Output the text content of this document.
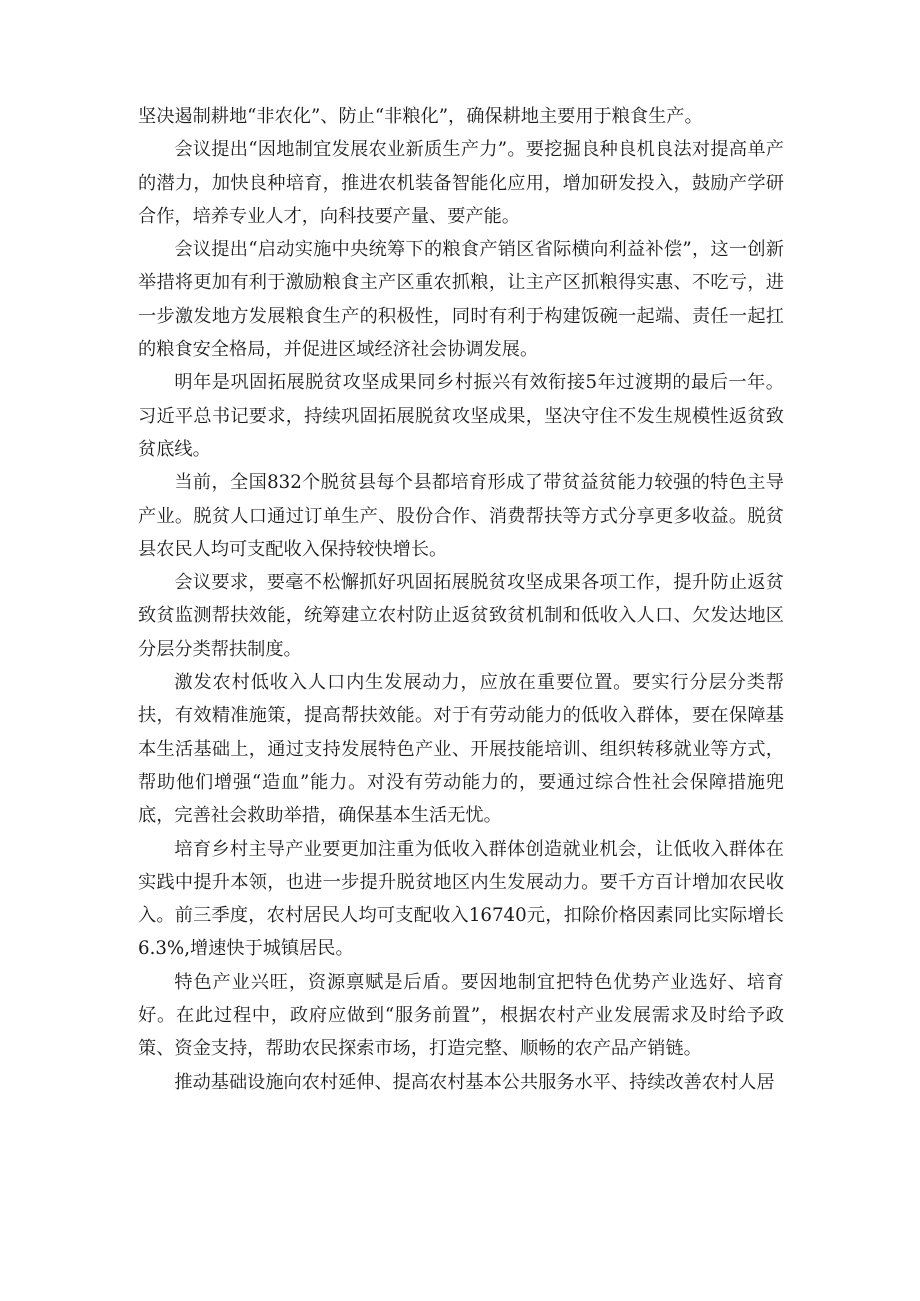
坚决遏制耕地“非农化”、防止“非粮化”，确保耕地主要用于粮食生产。

会议提出“因地制宜发展农业新质生产力”。要挖掘良种良机良法对提高单产的潜力，加快良种培育，推进农机装备智能化应用，增加研发投入，鼓励产学研合作，培养专业人才，向科技要产量、要产能。

会议提出“启动实施中央统筹下的粮食产销区省际横向利益补偿”，这一创新举措将更加有利于激励粮食主产区重农抓粮，让主产区抓粮得实惠、不吃亏，进一步激发地方发展粮食生产的积极性，同时有利于构建饭碗一起端、责任一起扛的粮食安全格局，并促进区域经济社会协调发展。

明年是巩固拓展脱贫攻坚成果同乡村振兴有效衔接5年过渡期的最后一年。习近平总书记要求，持续巩固拓展脱贫攻坚成果，坚决守住不发生规模性返贫致贫底线。

当前，全国832个脱贫县每个县都培育形成了带贫益贫能力较强的特色主导产业。脱贫人口通过订单生产、股份合作、消费帮扶等方式分享更多收益。脱贫县农民人均可支配收入保持较快增长。

会议要求，要毫不松懈抓好巩固拓展脱贫攻坚成果各项工作，提升防止返贫致贫监测帮扶效能，统筹建立农村防止返贫致贫机制和低收入人口、欠发达地区分层分类帮扶制度。

激发农村低收入人口内生发展动力，应放在重要位置。要实行分层分类帮扶，有效精准施策，提高帮扶效能。对于有劳动能力的低收入群体，要在保障基本生活基础上，通过支持发展特色产业、开展技能培训、组织转移就业等方式，帮助他们增强“造血”能力。对没有劳动能力的，要通过综合性社会保障措施兜底，完善社会救助举措，确保基本生活无忧。

培育乡村主导产业要更加注重为低收入群体创造就业机会，让低收入群体在实践中提升本领，也进一步提升脱贫地区内生发展动力。要千方百计增加农民收入。前三季度，农村居民人均可支配收入16740元，扣除价格因素同比实际增长6.3%,增速快于城镇居民。

特色产业兴旺，资源禀赋是后盾。要因地制宜把特色优势产业选好、培育好。在此过程中，政府应做到“服务前置”，根据农村产业发展需求及时给予政策、资金支持，帮助农民探索市场，打造完整、顺畅的农产品产销链。

推动基础设施向农村延伸、提高农村基本公共服务水平、持续改善农村人居
